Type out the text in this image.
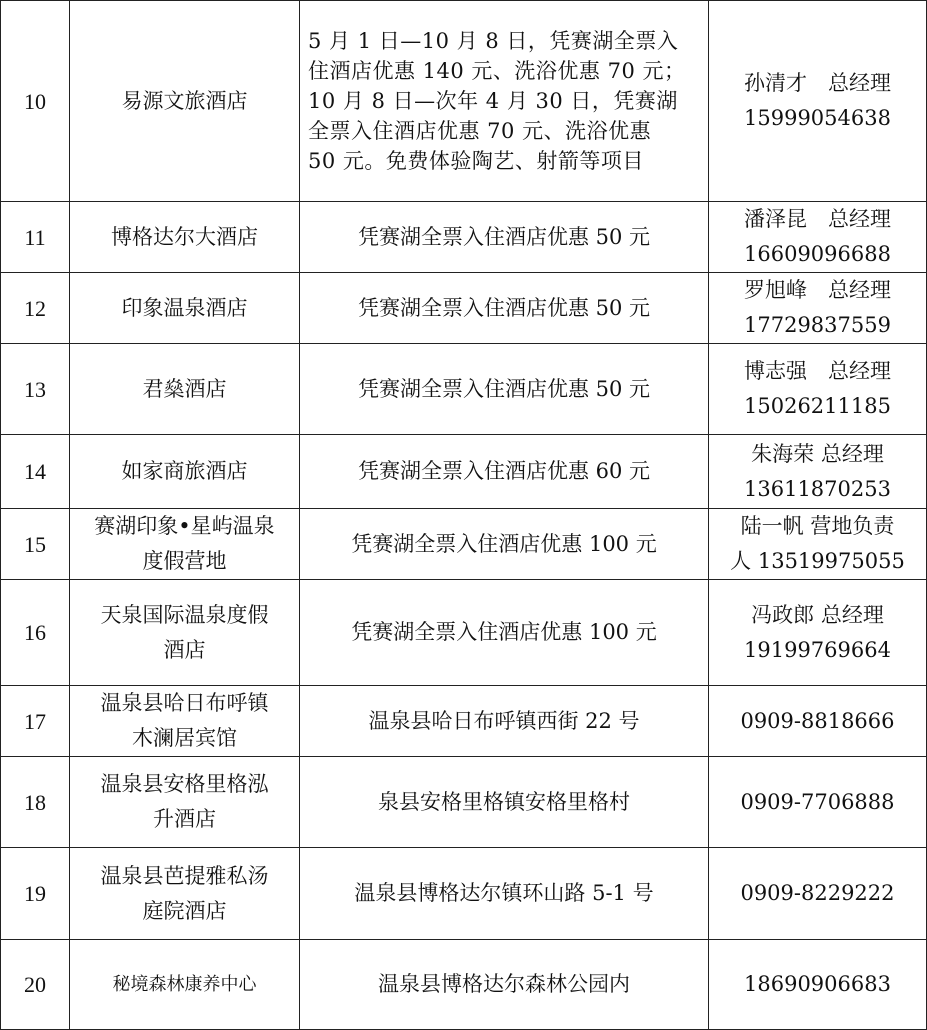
10	易源文旅酒店	5 月 1 日—10 月 8 日，凭赛湖全票入
住酒店优惠 140 元、洗浴优惠 70 元；
10 月 8 日—次年 4 月 30 日，凭赛湖
全票入住酒店优惠 70 元、洗浴优惠
50 元。免费体验陶艺、射箭等项目	孙清才　总经理
15999054638

11	博格达尔大酒店	凭赛湖全票入住酒店优惠 50 元	潘泽昆　总经理
16609096688

12	印象温泉酒店	凭赛湖全票入住酒店优惠 50 元	罗旭峰　总经理
17729837559

13	君燊酒店	凭赛湖全票入住酒店优惠 50 元	博志强　总经理
15026211185

14	如家商旅酒店	凭赛湖全票入住酒店优惠 60 元	朱海荣 总经理
13611870253

15	赛湖印象•星屿温泉
度假营地	凭赛湖全票入住酒店优惠 100 元	陆一帆 营地负责
人 13519975055

16	天泉国际温泉度假
酒店	凭赛湖全票入住酒店优惠 100 元	冯政郎 总经理
19199769664

17	温泉县哈日布呼镇
木澜居宾馆	温泉县哈日布呼镇西街 22 号	0909-8818666

18	温泉县安格里格泓
升酒店	泉县安格里格镇安格里格村	0909-7706888

19	温泉县芭提雅私汤
庭院酒店	温泉县博格达尔镇环山路 5-1 号	0909-8229222

20	秘境森林康养中心	温泉县博格达尔森林公园内	18690906683
